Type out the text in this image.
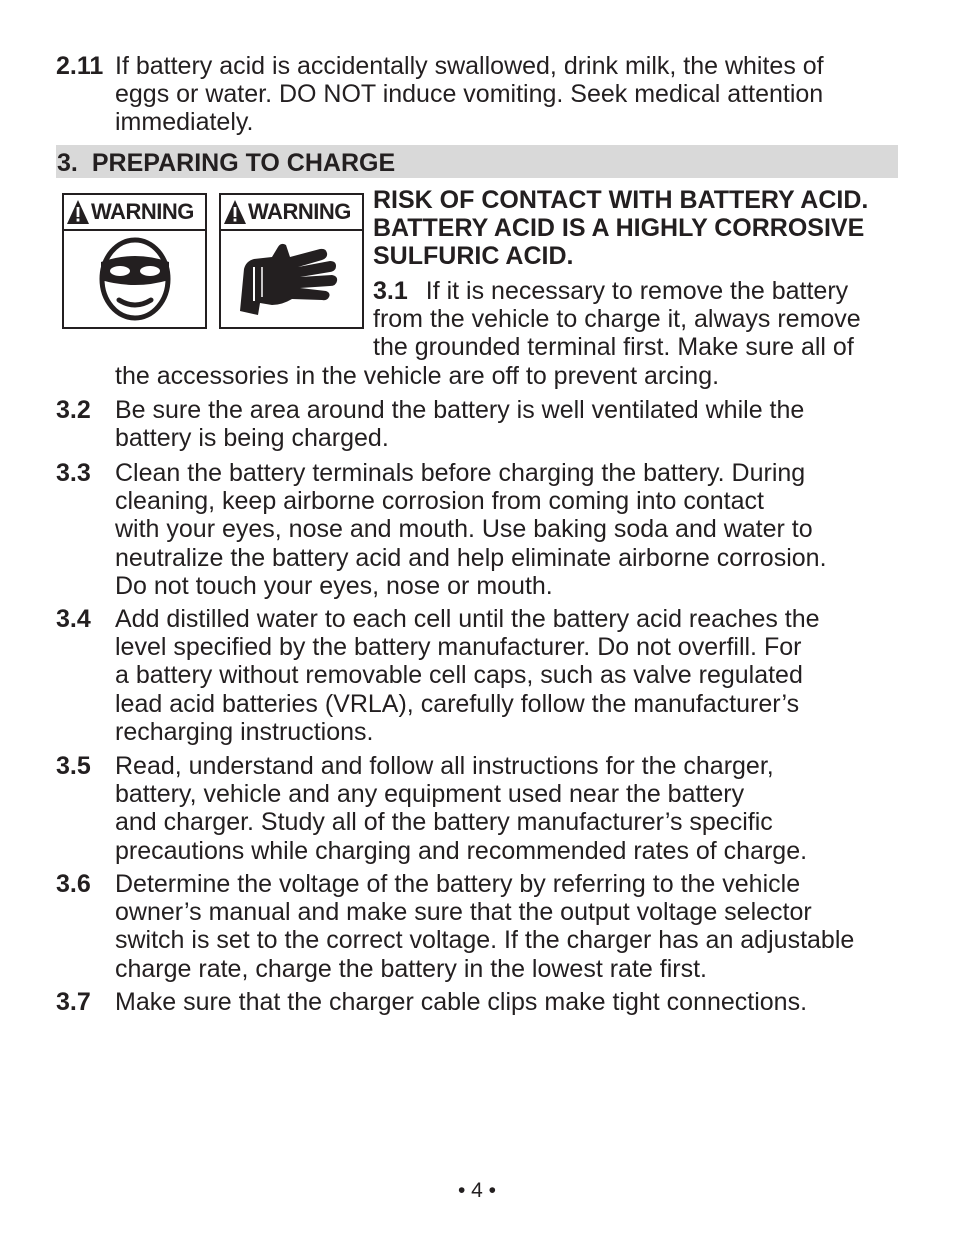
2.11 If battery acid is accidentally swallowed, drink milk, the whites of
eggs or water. DO NOT induce vomiting. Seek medical attention
immediately.
3. PREPARING TO CHARGE
WARNING WARNING RISK OF CONTACT WITH BATTERY ACID.
BATTERY ACID IS A HIGHLY CORROSIVE
SULFURIC ACID.
3.1 If it is necessary to remove the battery
from the vehicle to charge it, always remove
the grounded terminal first. Make sure all of
the accessories in the vehicle are off to prevent arcing.
3.2 Be sure the area around the battery is well ventilated while the
battery is being charged.
3.3 Clean the battery terminals before charging the battery. During
cleaning, keep airborne corrosion from coming into contact
with your eyes, nose and mouth. Use baking soda and water to
neutralize the battery acid and help eliminate airborne corrosion.
Do not touch your eyes, nose or mouth.
3.4 Add distilled water to each cell until the battery acid reaches the
level specified by the battery manufacturer. Do not overfill. For
a battery without removable cell caps, such as valve regulated
lead acid batteries (VRLA), carefully follow the manufacturer’s
recharging instructions.
3.5 Read, understand and follow all instructions for the charger,
battery, vehicle and any equipment used near the battery
and charger. Study all of the battery manufacturer’s specific
precautions while charging and recommended rates of charge.
3.6 Determine the voltage of the battery by referring to the vehicle
owner’s manual and make sure that the output voltage selector
switch is set to the correct voltage. If the charger has an adjustable
charge rate, charge the battery in the lowest rate first.
3.7 Make sure that the charger cable clips make tight connections.
• 4 •
